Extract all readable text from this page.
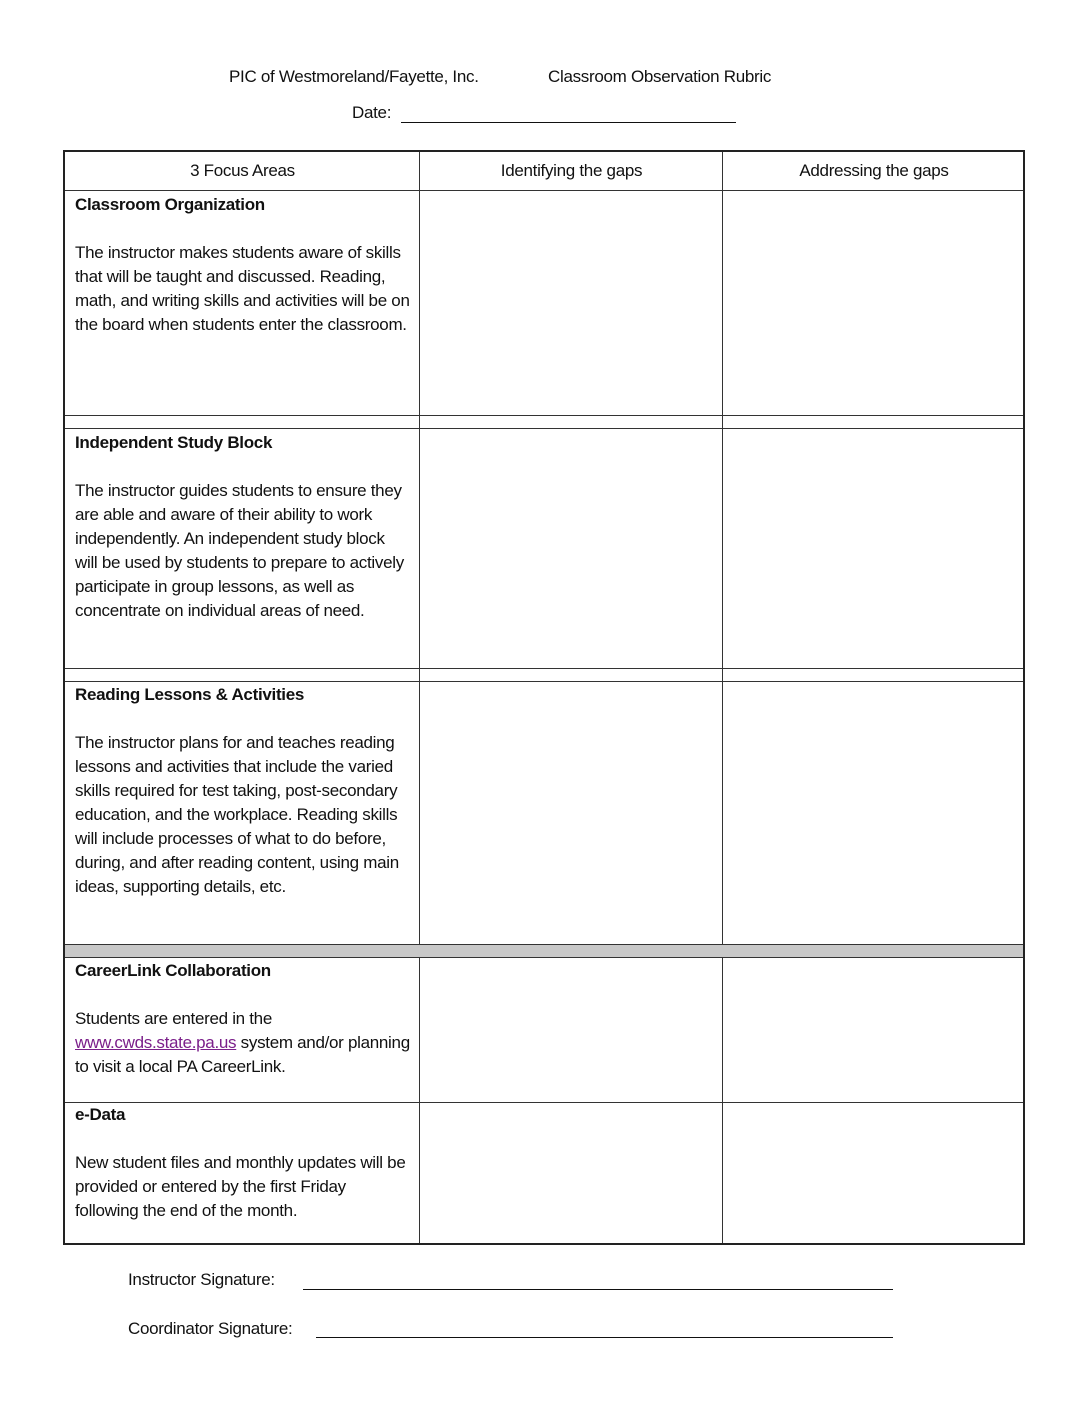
PIC of Westmoreland/Fayette, Inc.	Classroom Observation Rubric
Date:
3 Focus Areas	Identifying the gaps	Addressing the gaps
Classroom Organization
The instructor makes students aware of skills that will be taught and discussed. Reading, math, and writing skills and activities will be on the board when students enter the classroom.
Independent Study Block
The instructor guides students to ensure they are able and aware of their ability to work independently. An independent study block will be used by students to prepare to actively participate in group lessons, as well as concentrate on individual areas of need.
Reading Lessons & Activities
The instructor plans for and teaches reading lessons and activities that include the varied skills required for test taking, post-secondary education, and the workplace. Reading skills will include processes of what to do before, during, and after reading content, using main ideas, supporting details, etc.
CareerLink Collaboration
Students are entered in the www.cwds.state.pa.us system and/or planning to visit a local PA CareerLink.
e-Data
New student files and monthly updates will be provided or entered by the first Friday following the end of the month.
Instructor Signature:
Coordinator Signature:
